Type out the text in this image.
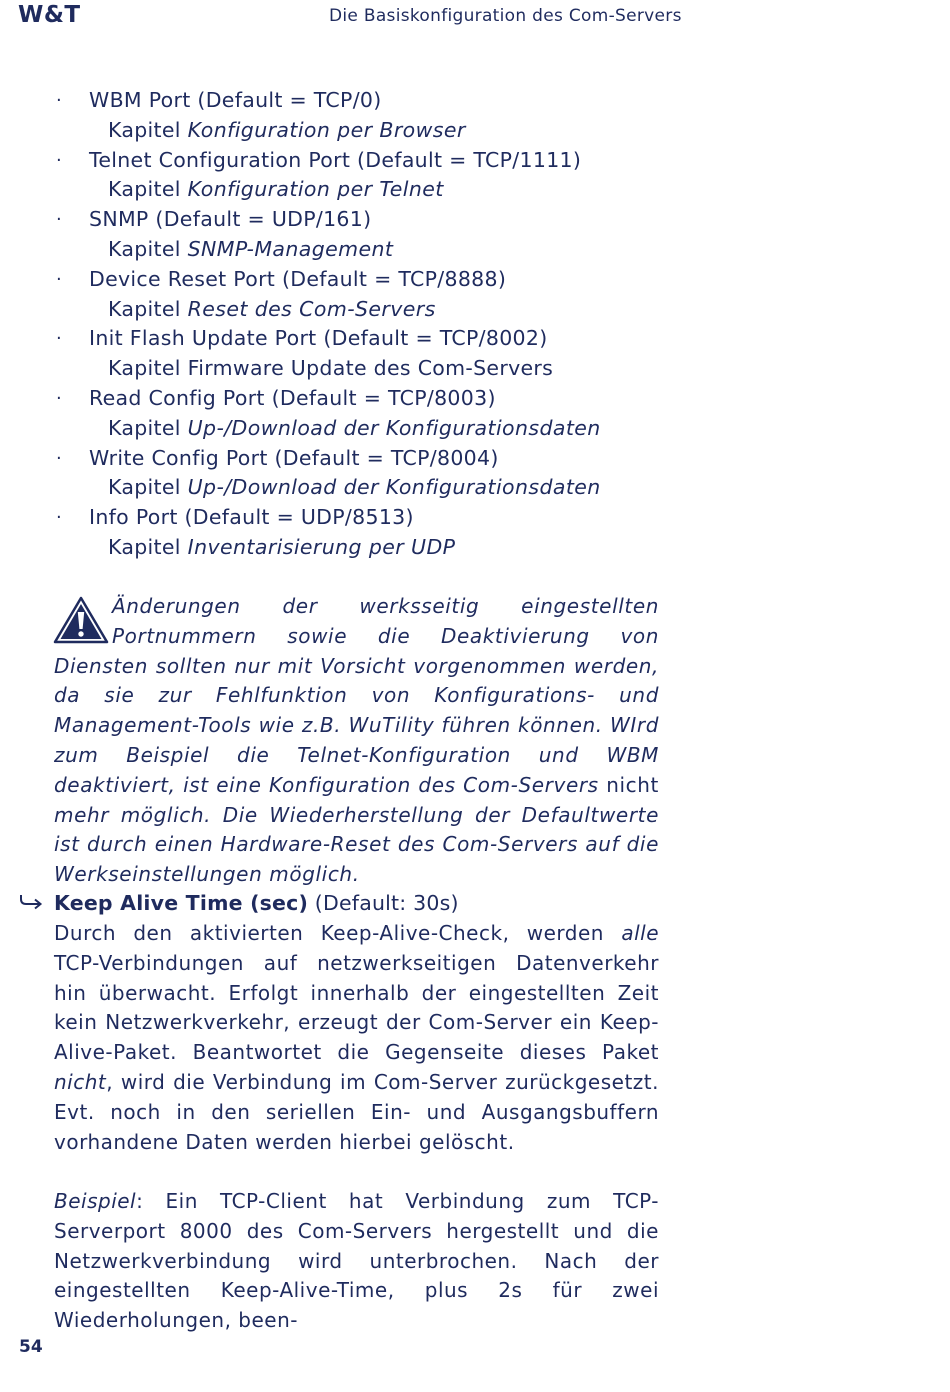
W&T	Die Basiskonfiguration des Com-Servers
·	WBM Port (Default = TCP/0)
Kapitel Konfiguration per Browser
·	Telnet Configuration Port (Default = TCP/1111)
Kapitel Konfiguration per Telnet
·	SNMP (Default = UDP/161)
Kapitel SNMP-Management
·	Device Reset Port (Default = TCP/8888)
Kapitel Reset des Com-Servers
·	Init Flash Update Port (Default = TCP/8002)
Kapitel Firmware Update des Com-Servers
·	Read Config Port (Default = TCP/8003)
Kapitel Up-/Download der Konfigurationsdaten
·	Write Config Port (Default = TCP/8004)
Kapitel Up-/Download der Konfigurationsdaten
·	Info Port (Default = UDP/8513)
Kapitel Inventarisierung per UDP
Änderungen der werksseitig eingestellten Portnummern sowie die Deaktivierung von Diensten sollten nur mit Vorsicht vorgenommen werden, da sie zur Fehlfunktion von Konfigurations- und Management-Tools wie z.B. WuTility führen können. WIrd zum Beispiel die Telnet-Konfiguration und WBM deaktiviert, ist eine Konfiguration des Com-Servers nicht mehr möglich. Die Wiederherstellung der Defaultwerte ist durch einen Hardware-Reset des Com-Servers auf die Werkseinstellungen möglich.
Keep Alive Time (sec) (Default: 30s)
Durch den aktivierten Keep-Alive-Check, werden alle TCP-Verbindungen auf netzwerkseitigen Datenverkehr hin überwacht. Erfolgt innerhalb der eingestellten Zeit kein Netzwerkverkehr, erzeugt der Com-Server ein Keep-Alive-Paket. Beantwortet die Gegenseite dieses Paket nicht, wird die Verbindung im Com-Server zurückgesetzt. Evt. noch in den seriellen Ein- und Ausgangsbuffern vorhandene Daten werden hierbei gelöscht.
Beispiel: Ein TCP-Client hat Verbindung zum TCP-Serverport 8000 des Com-Servers hergestellt und die Netzwerkverbindung wird unterbrochen. Nach der eingestellten Keep-Alive-Time, plus 2s für zwei Wiederholungen, been-
54
